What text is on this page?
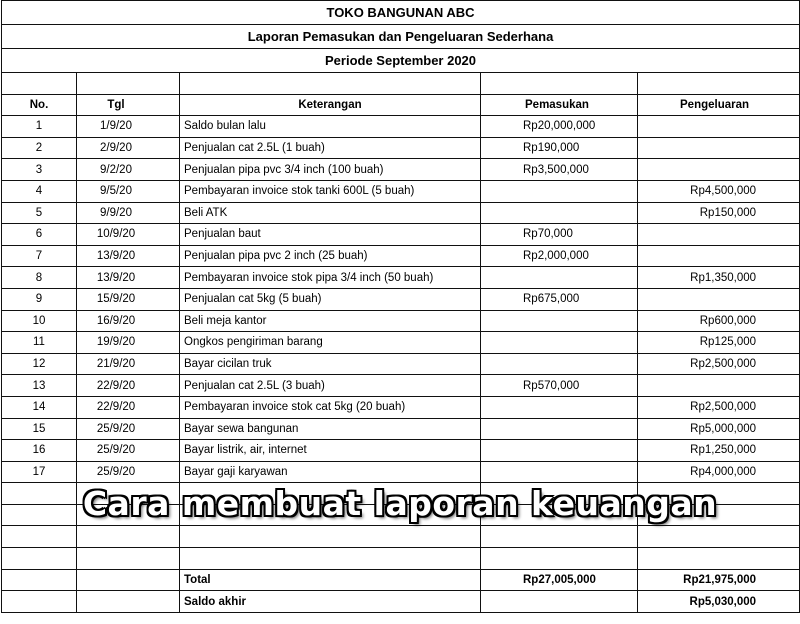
TOKO BANGUNAN ABC				
Laporan Pemasukan dan Pengeluaran Sederhana				
Periode September 2020				

No.	Tgl	Keterangan	Pemasukan	Pengeluaran
1	1/9/20	Saldo bulan lalu	Rp20,000,000	
2	2/9/20	Penjualan cat 2.5L (1 buah)	Rp190,000	
3	9/2/20	Penjualan pipa pvc 3/4 inch (100 buah)	Rp3,500,000	
4	9/5/20	Pembayaran invoice stok tanki 600L (5 buah)		Rp4,500,000
5	9/9/20	Beli ATK		Rp150,000
6	10/9/20	Penjualan baut	Rp70,000	
7	13/9/20	Penjualan pipa pvc 2 inch (25 buah)	Rp2,000,000	
8	13/9/20	Pembayaran invoice stok pipa 3/4 inch (50 buah)		Rp1,350,000
9	15/9/20	Penjualan cat 5kg (5 buah)	Rp675,000	
10	16/9/20	Beli meja kantor		Rp600,000
11	19/9/20	Ongkos pengiriman barang		Rp125,000
12	21/9/20	Bayar cicilan truk		Rp2,500,000
13	22/9/20	Penjualan cat 2.5L (3 buah)	Rp570,000	
14	22/9/20	Pembayaran invoice stok cat 5kg (20 buah)		Rp2,500,000
15	25/9/20	Bayar sewa bangunan		Rp5,000,000
16	25/9/20	Bayar listrik, air, internet		Rp1,250,000
17	25/9/20	Bayar gaji karyawan		Rp4,000,000

		Total	Rp27,005,000	Rp21,975,000
		Saldo akhir		Rp5,030,000
Cara membuat laporan keuangan
